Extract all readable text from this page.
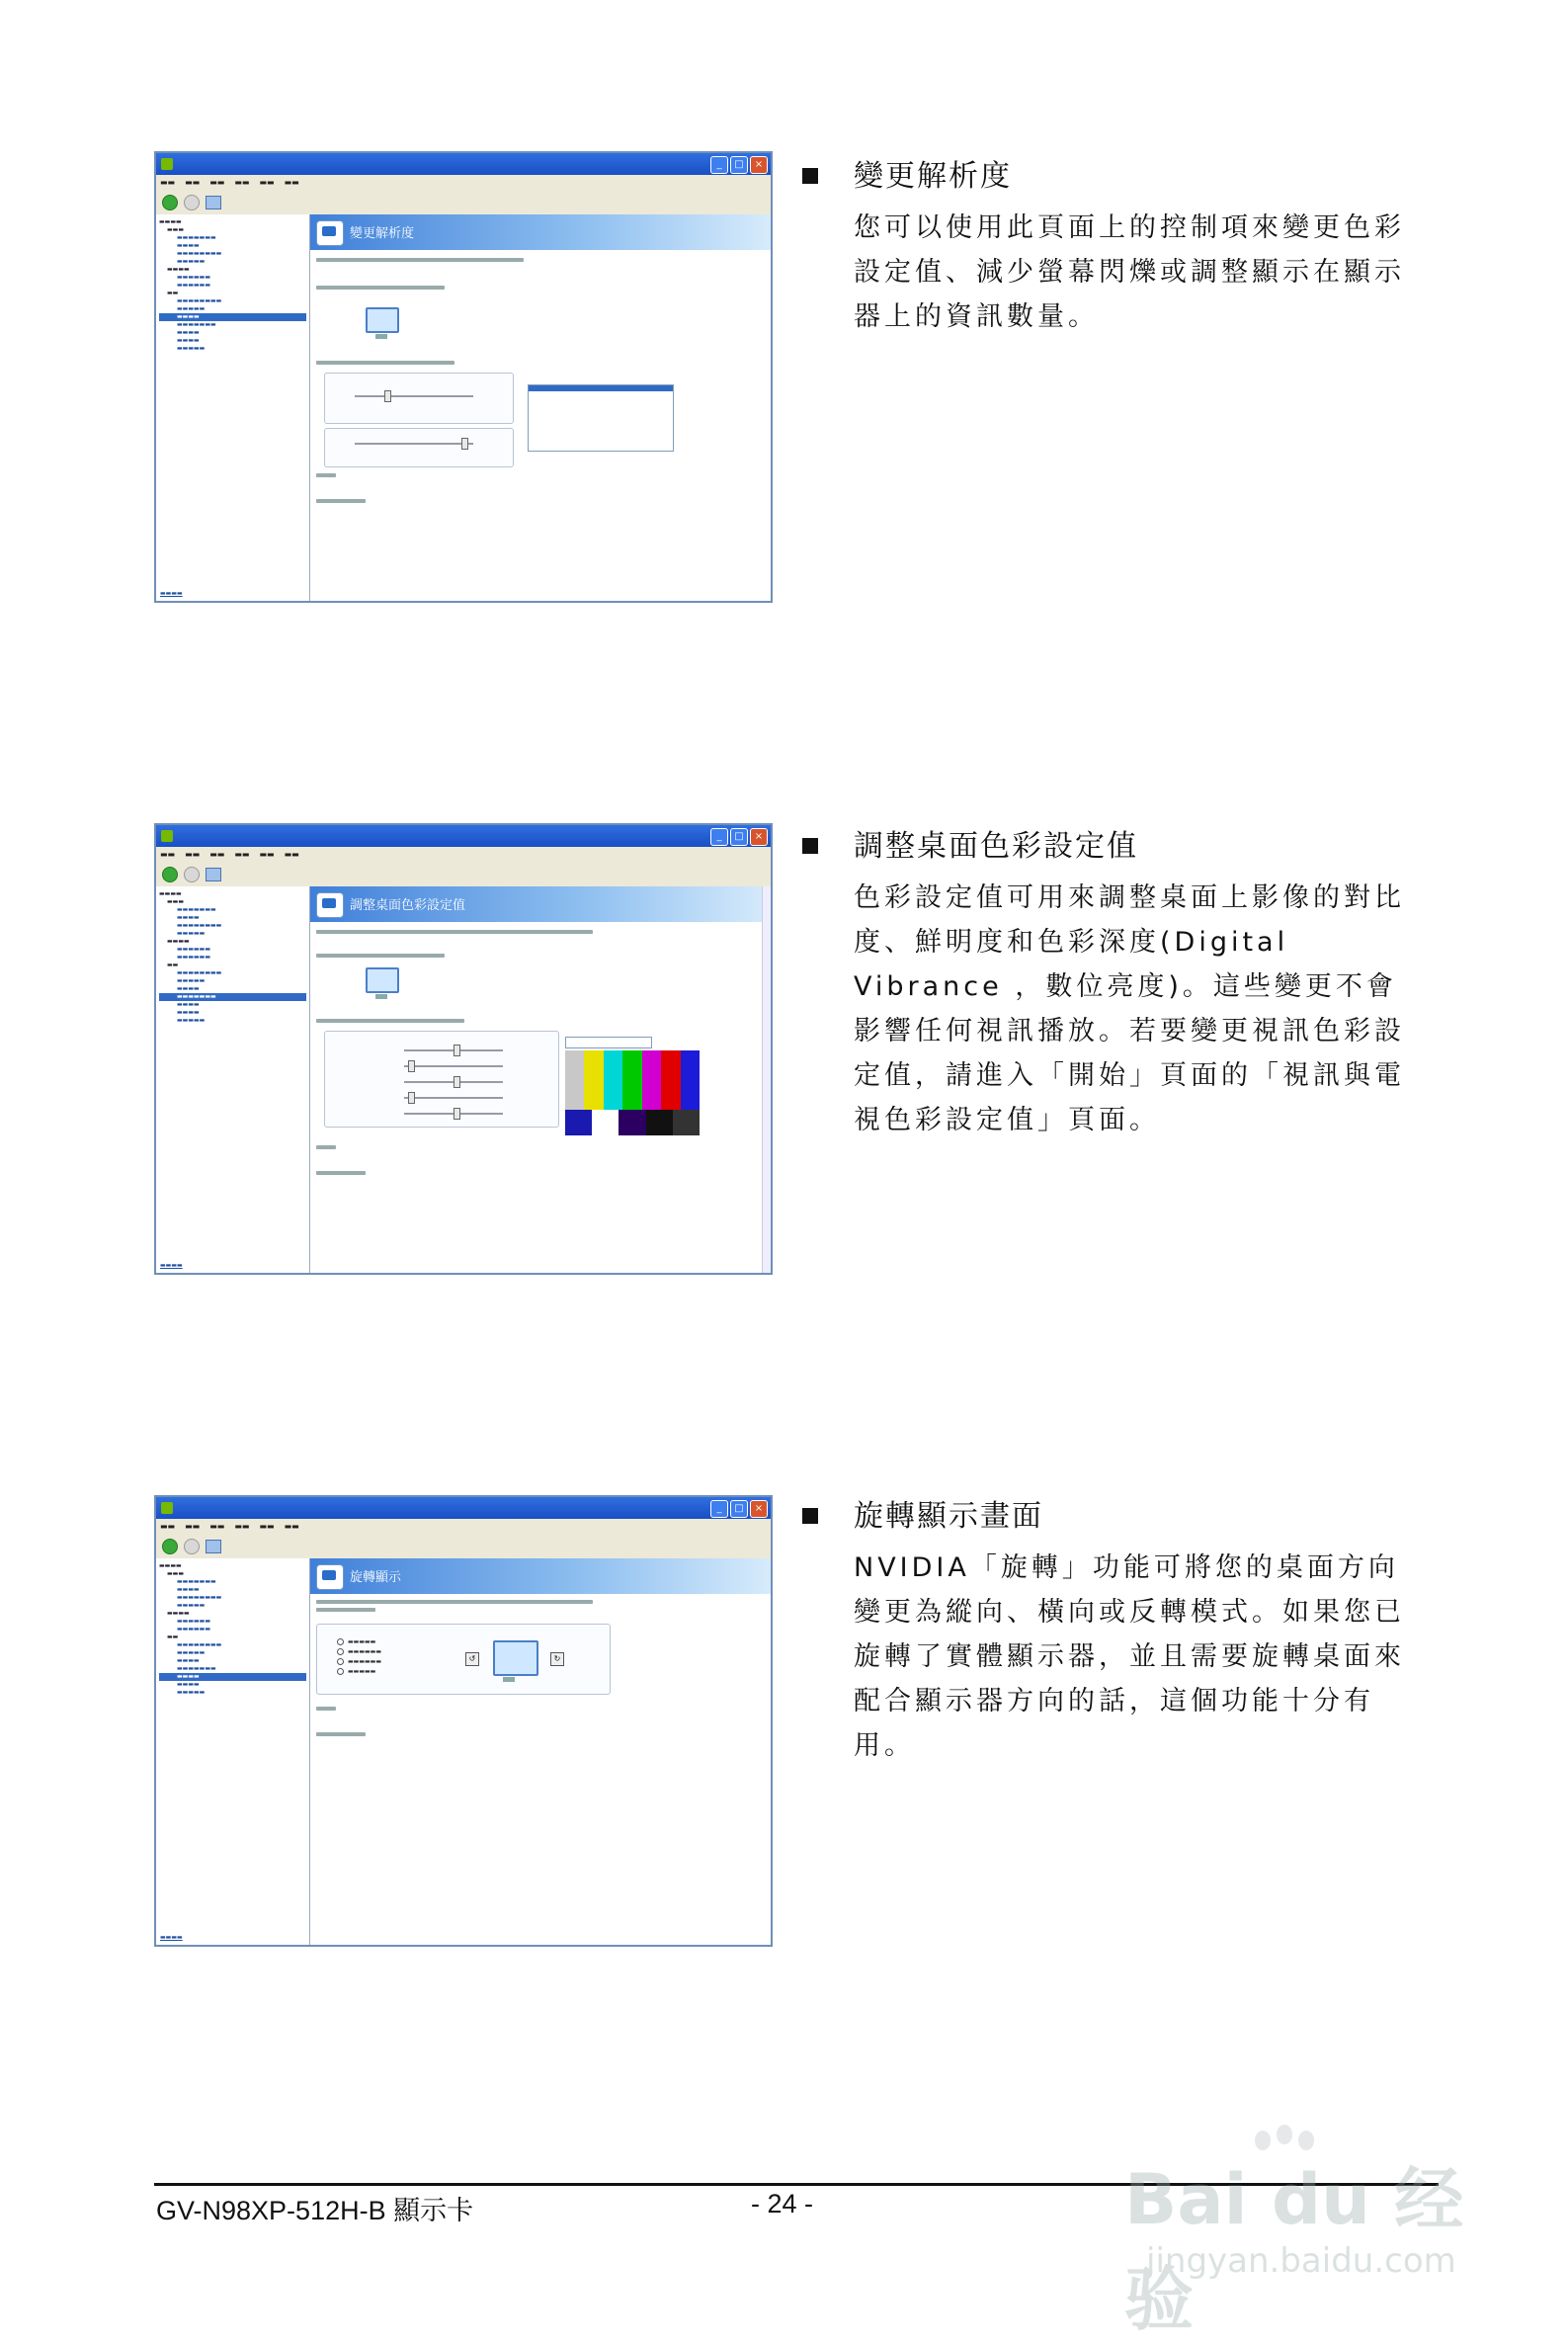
_	□	×
▬▬ ▬▬ ▬▬ ▬▬ ▬▬ ▬▬
▬▬▬▬
▬▬▬
▬▬▬▬▬▬▬
▬▬▬▬
▬▬▬▬▬▬▬▬
▬▬▬▬▬
▬▬▬▬
▬▬▬▬▬▬
▬▬▬▬▬▬
▬▬
▬▬▬▬▬▬▬▬
▬▬▬▬▬
▬▬▬▬
▬▬▬▬▬▬▬
▬▬▬▬
▬▬▬▬
▬▬▬▬▬
▬▬▬▬
變更解析度
變更解析度
您可以使用此頁面上的控制項來變更色彩設定值、減少螢幕閃爍或調整顯示在顯示器上的資訊數量。
_	□	×
▬▬ ▬▬ ▬▬ ▬▬ ▬▬ ▬▬
▬▬▬▬
▬▬▬
▬▬▬▬▬▬▬
▬▬▬▬
▬▬▬▬▬▬▬▬
▬▬▬▬▬
▬▬▬▬
▬▬▬▬▬▬
▬▬▬▬▬▬
▬▬
▬▬▬▬▬▬▬▬
▬▬▬▬▬
▬▬▬▬
▬▬▬▬▬▬▬
▬▬▬▬
▬▬▬▬
▬▬▬▬▬
▬▬▬▬
調整桌面色彩設定值
調整桌面色彩設定值
色彩設定值可用來調整桌面上影像的對比度、鮮明度和色彩深度(Digital Vibrance ，數位亮度)。這些變更不會影響任何視訊播放。若要變更視訊色彩設定值，請進入「開始」頁面的「視訊與電視色彩設定值」頁面。
_	□	×
▬▬ ▬▬ ▬▬ ▬▬ ▬▬ ▬▬
▬▬▬▬
▬▬▬
▬▬▬▬▬▬▬
▬▬▬▬
▬▬▬▬▬▬▬▬
▬▬▬▬▬
▬▬▬▬
▬▬▬▬▬▬
▬▬▬▬▬▬
▬▬
▬▬▬▬▬▬▬▬
▬▬▬▬▬
▬▬▬▬
▬▬▬▬▬▬▬
▬▬▬▬
▬▬▬▬
▬▬▬▬▬
▬▬▬▬
旋轉顯示
▬▬▬▬▬
▬▬▬▬▬▬
▬▬▬▬▬▬
▬▬▬▬▬
↺	↻
旋轉顯示畫面
NVIDIA「旋轉」功能可將您的桌面方向變更為縱向、橫向或反轉模式。如果您已旋轉了實體顯示器，並且需要旋轉桌面來配合顯示器方向的話，這個功能十分有用。
GV-N98XP-512H-B 顯示卡	- 24 -	Bai du 经验
jingyan.baidu.com
